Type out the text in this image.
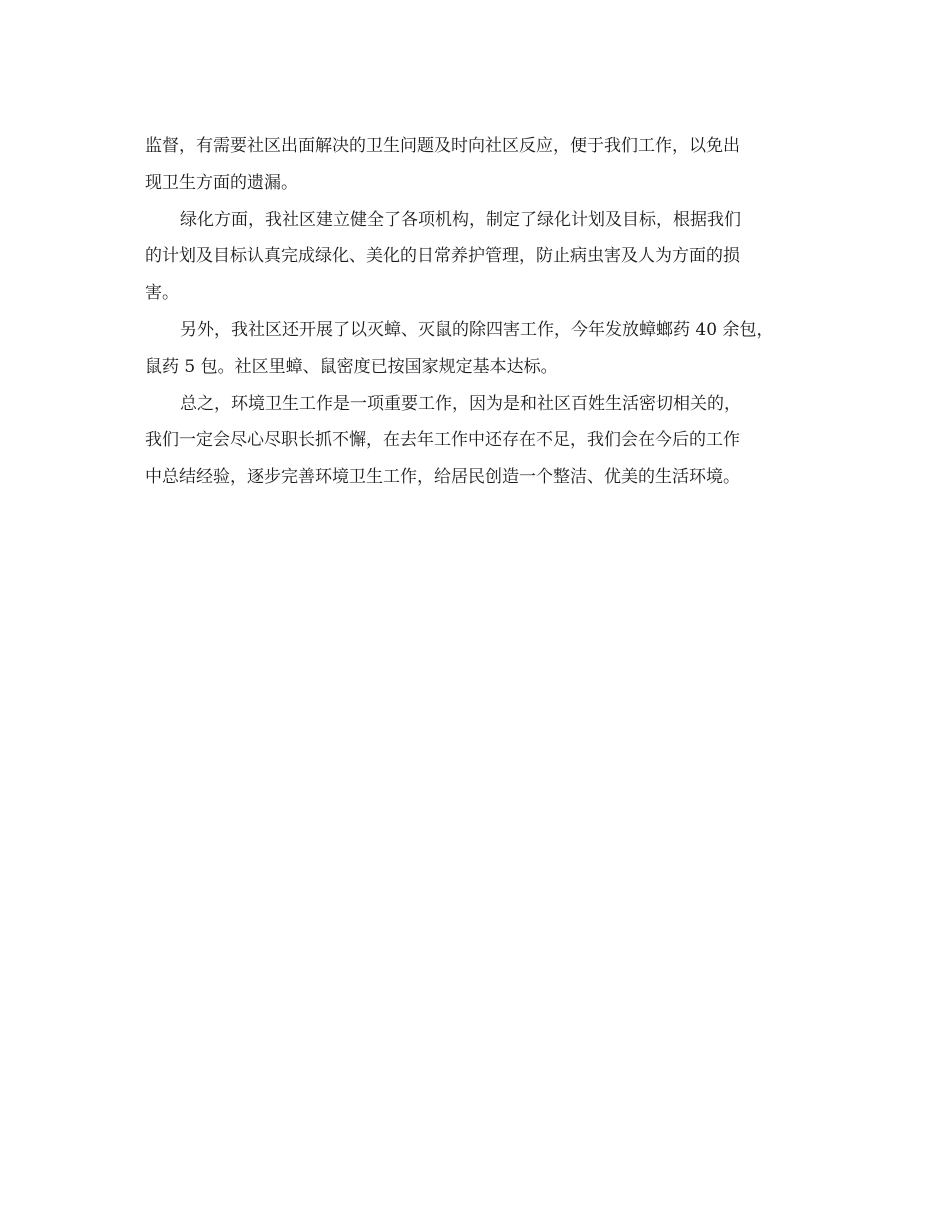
监督，有需要社区出面解决的卫生问题及时向社区反应，便于我们工作，以免出
现卫生方面的遗漏。
绿化方面，我社区建立健全了各项机构，制定了绿化计划及目标，根据我们
的计划及目标认真完成绿化、美化的日常养护管理，防止病虫害及人为方面的损
害。
另外，我社区还开展了以灭蟑、灭鼠的除四害工作，今年发放蟑螂药 40 余包，
鼠药 5 包。社区里蟑、鼠密度已按国家规定基本达标。
总之，环境卫生工作是一项重要工作，因为是和社区百姓生活密切相关的，
我们一定会尽心尽职长抓不懈，在去年工作中还存在不足，我们会在今后的工作
中总结经验，逐步完善环境卫生工作，给居民创造一个整洁、优美的生活环境。
